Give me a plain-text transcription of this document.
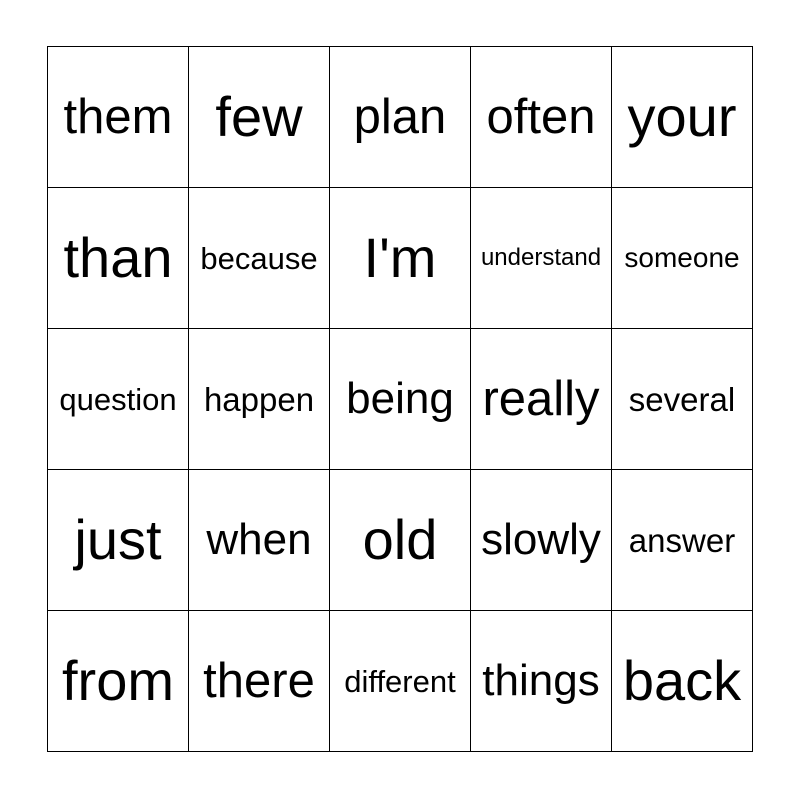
them few plan often your
than because I'm understand someone
question happen being really several
just when old slowly answer
from there different things back
